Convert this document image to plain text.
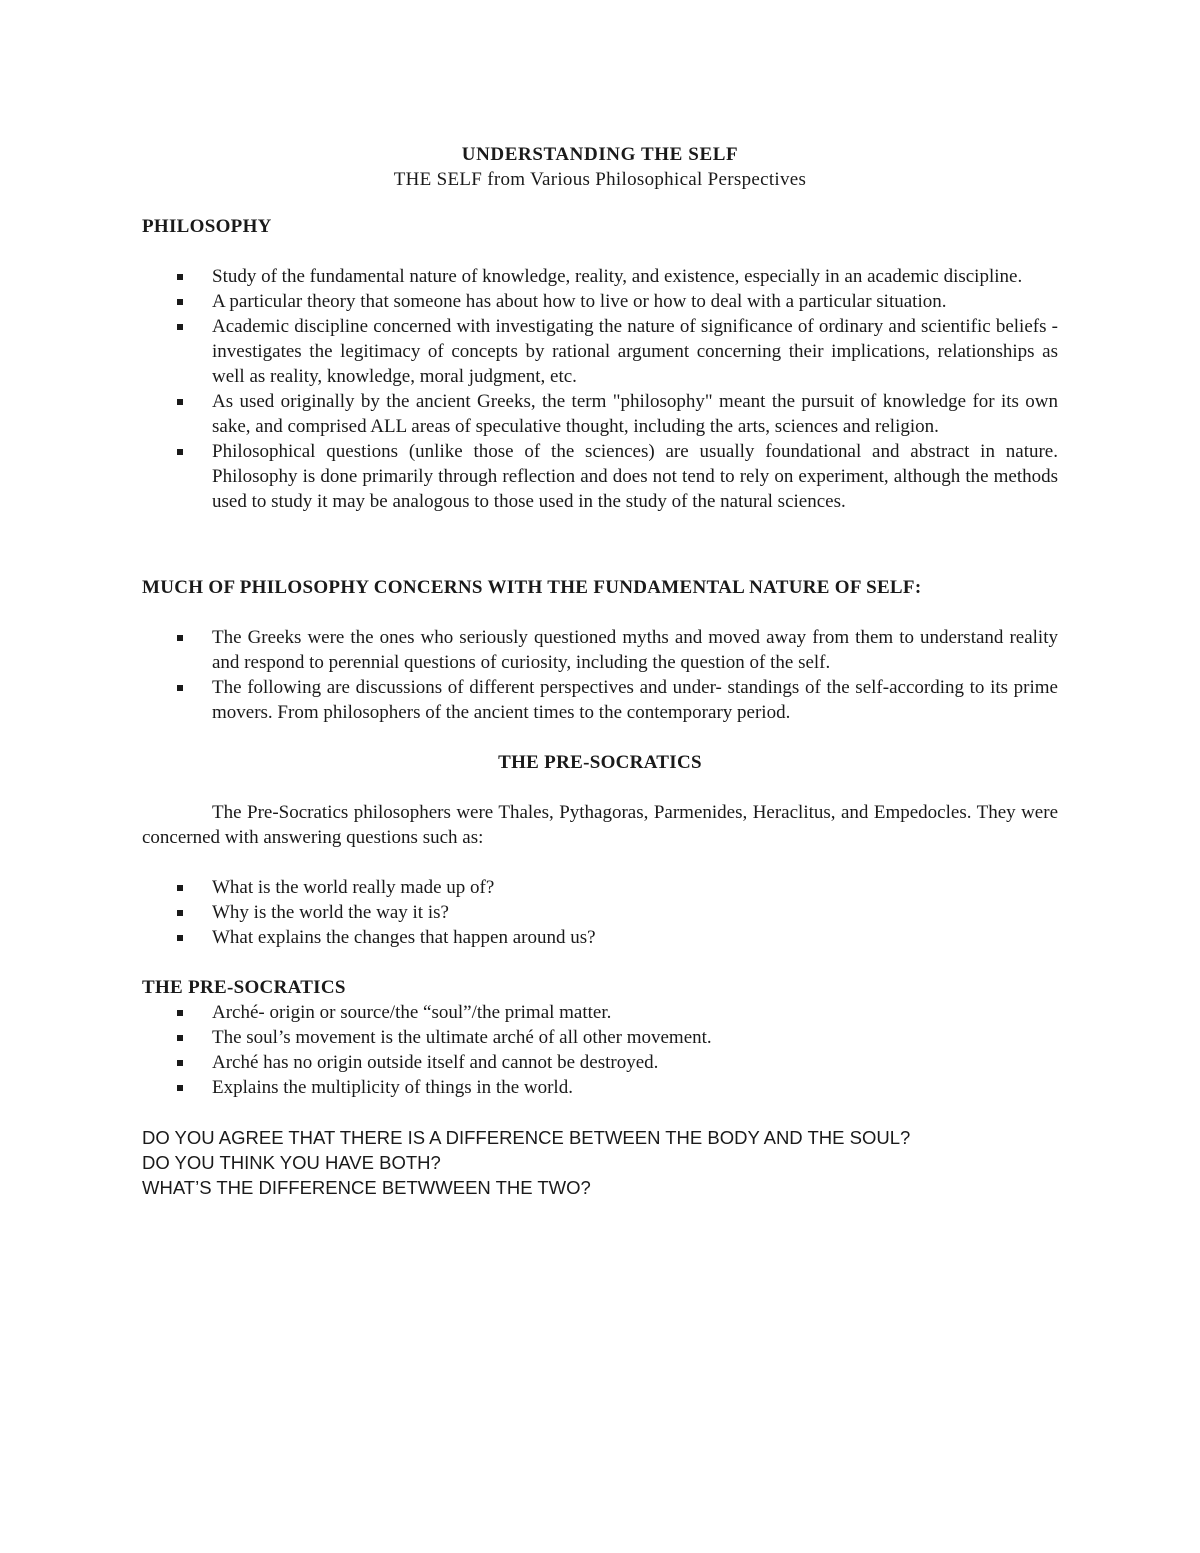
UNDERSTANDING THE SELF

THE SELF from Various Philosophical Perspectives

PHILOSOPHY

Study of the fundamental nature of knowledge, reality, and existence, especially in an academic discipline.
A particular theory that someone has about how to live or how to deal with a particular situation.
Academic discipline concerned with investigating the nature of significance of ordinary and scientific beliefs - investigates the legitimacy of concepts by rational argument concerning their implications, relationships as well as reality, knowledge, moral judgment, etc.
As used originally by the ancient Greeks, the term "philosophy" meant the pursuit of knowledge for its own sake, and comprised ALL areas of speculative thought, including the arts, sciences and religion.
Philosophical questions (unlike those of the sciences) are usually foundational and abstract in nature. Philosophy is done primarily through reflection and does not tend to rely on experiment, although the methods used to study it may be analogous to those used in the study of the natural sciences.

MUCH OF PHILOSOPHY CONCERNS WITH THE FUNDAMENTAL NATURE OF SELF:

The Greeks were the ones who seriously questioned myths and moved away from them to understand reality and respond to perennial questions of curiosity, including the question of the self.
The following are discussions of different perspectives and under- standings of the self-according to its prime movers. From philosophers of the ancient times to the contemporary period.

THE PRE-SOCRATICS

The Pre-Socratics philosophers were Thales, Pythagoras, Parmenides, Heraclitus, and Empedocles. They were concerned with answering questions such as:

What is the world really made up of?
Why is the world the way it is?
What explains the changes that happen around us?

THE PRE-SOCRATICS

Arché- origin or source/the “soul”/the primal matter.
The soul’s movement is the ultimate arché of all other movement.
Arché has no origin outside itself and cannot be destroyed.
Explains the multiplicity of things in the world.

DO YOU AGREE THAT THERE IS A DIFFERENCE BETWEEN THE BODY AND THE SOUL?

DO YOU THINK YOU HAVE BOTH?

WHAT’S THE DIFFERENCE BETWWEEN THE TWO?
